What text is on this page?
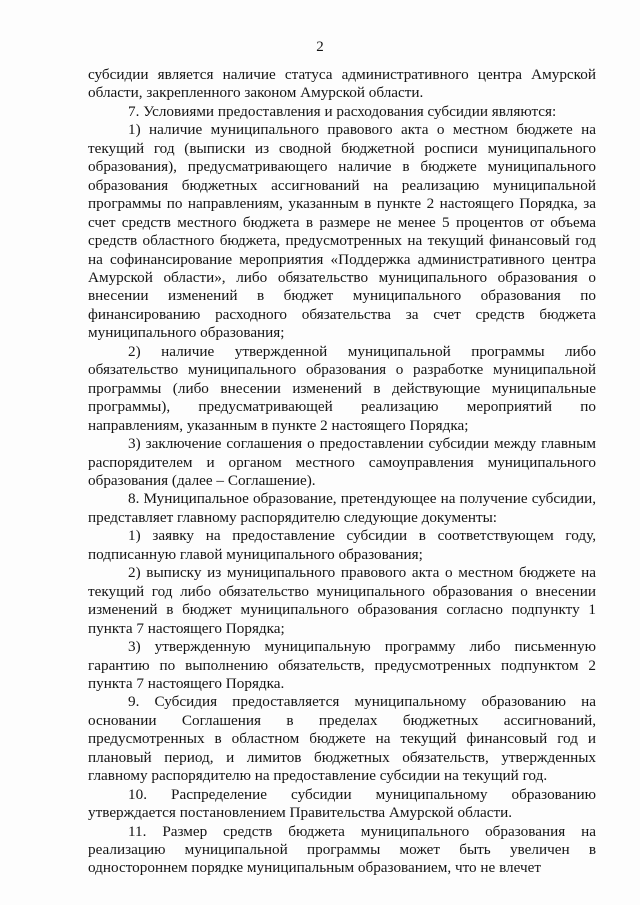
2

субсидии является наличие статуса административного центра Амурской области, закрепленного законом Амурской области.

7. Условиями предоставления и расходования субсидии являются:

1) наличие муниципального правового акта о местном бюджете на текущий год (выписки из сводной бюджетной росписи муниципального образования), предусматривающего наличие в бюджете муниципального образования бюджетных ассигнований на реализацию муниципальной программы по направлениям, указанным в пункте 2 настоящего Порядка, за счет средств местного бюджета в размере не менее 5 процентов от объема средств областного бюджета, предусмотренных на текущий финансовый год на софинансирование мероприятия «Поддержка административного центра Амурской области», либо обязательство муниципального образования о внесении изменений в бюджет муниципального образования по финансированию расходного обязательства за счет средств бюджета муниципального образования;

2) наличие утвержденной муниципальной программы либо обязательство муниципального образования о разработке муниципальной программы (либо внесении изменений в действующие муниципальные программы), предусматривающей реализацию мероприятий по направлениям, указанным в пункте 2 настоящего Порядка;

3) заключение соглашения о предоставлении субсидии между главным распорядителем и органом местного самоуправления муниципального образования (далее – Соглашение).

8. Муниципальное образование, претендующее на получение субсидии, представляет главному распорядителю следующие документы:

1) заявку на предоставление субсидии в соответствующем году, подписанную главой муниципального образования;

2) выписку из муниципального правового акта о местном бюджете на текущий год либо обязательство муниципального образования о внесении изменений в бюджет муниципального образования согласно подпункту 1 пункта 7 настоящего Порядка;

3) утвержденную муниципальную программу либо письменную гарантию по выполнению обязательств, предусмотренных подпунктом 2 пункта 7 настоящего Порядка.

9. Субсидия предоставляется муниципальному образованию на основании Соглашения в пределах бюджетных ассигнований, предусмотренных в областном бюджете на текущий финансовый год и плановый период, и лимитов бюджетных обязательств, утвержденных главному распорядителю на предоставление субсидии на текущий год.

10. Распределение субсидии муниципальному образованию утверждается постановлением Правительства Амурской области.

11. Размер средств бюджета муниципального образования на реализацию муниципальной программы может быть увеличен в одностороннем порядке муниципальным образованием, что не влечет
